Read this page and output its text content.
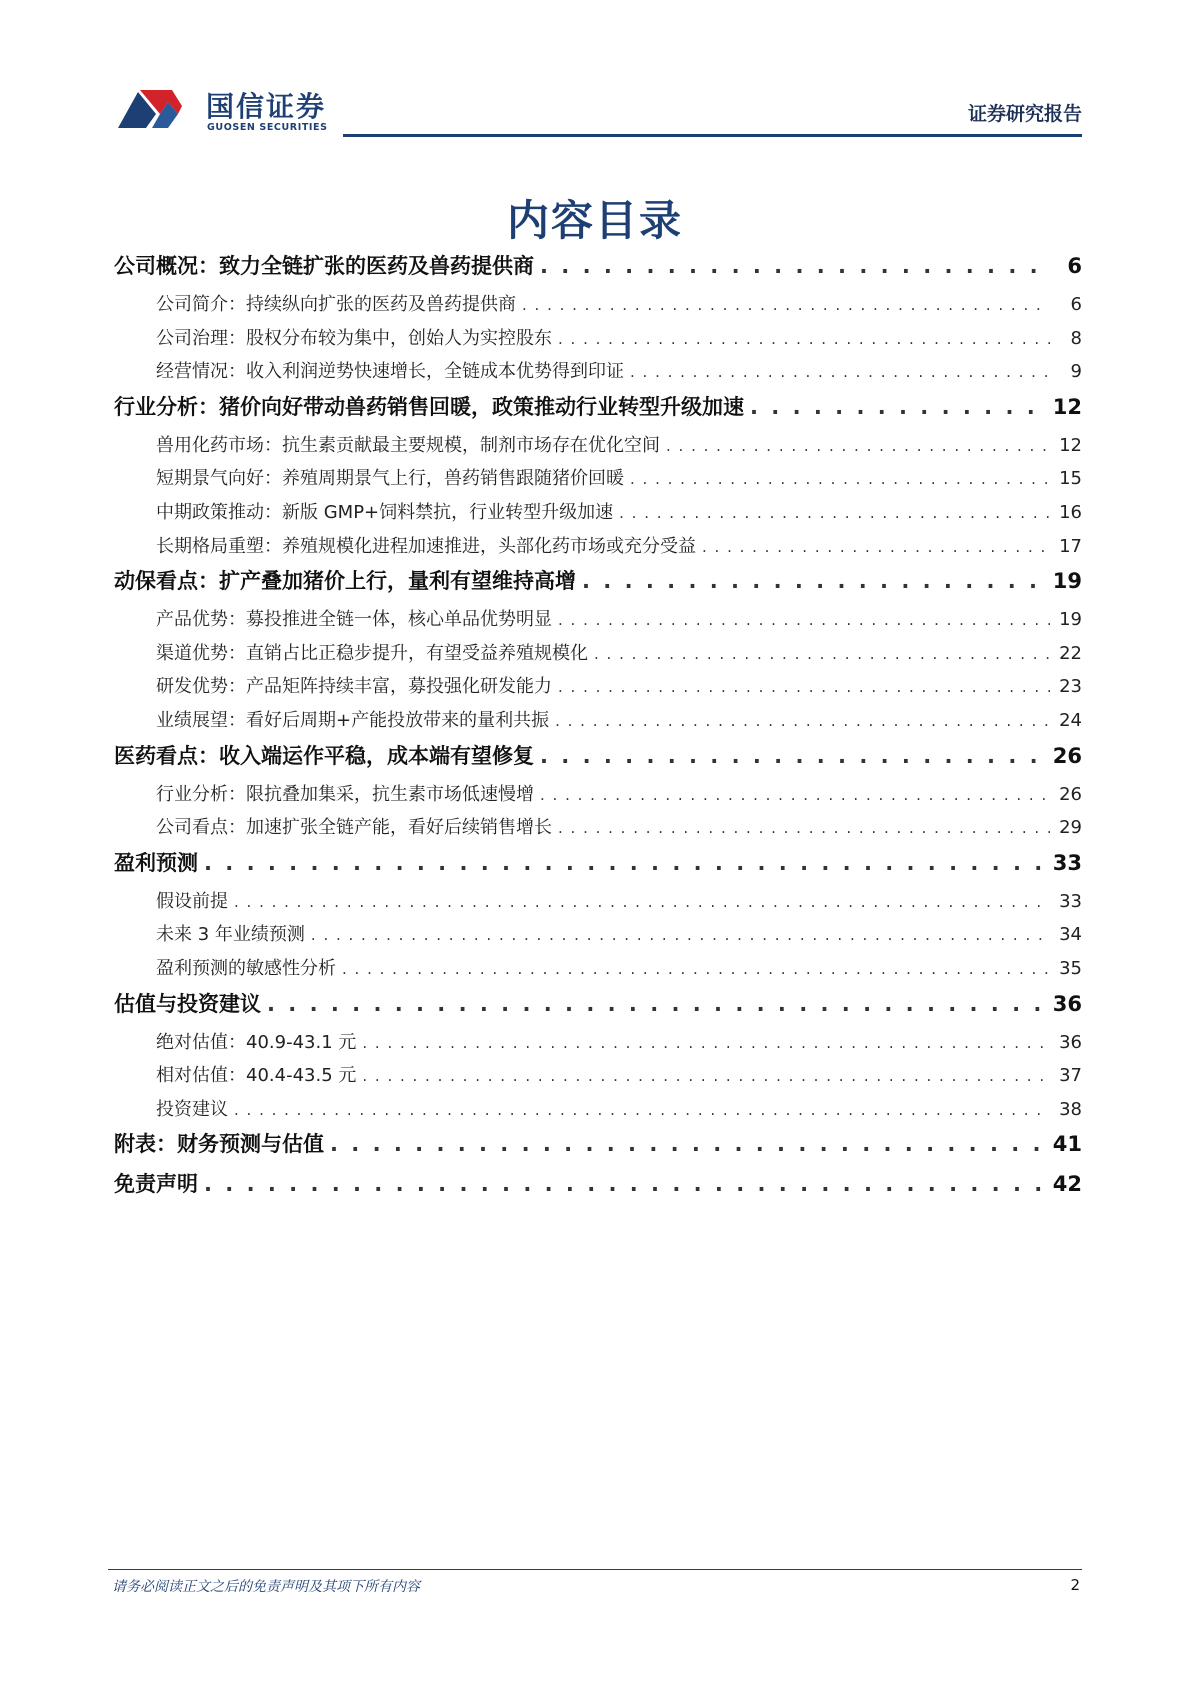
国信证券
GUOSEN SECURITIES
证券研究报告
内容目录
公司概况：致力全链扩张的医药及兽药提供商 . . .	6
公司简介：持续纵向扩张的医药及兽药提供商 . . .	6
公司治理：股权分布较为集中，创始人为实控股东 . . .	8
经营情况：收入利润逆势快速增长，全链成本优势得到印证 . . .	9
行业分析：猪价向好带动兽药销售回暖，政策推动行业转型升级加速 . . .	12
兽用化药市场：抗生素贡献最主要规模，制剂市场存在优化空间 . . .	12
短期景气向好：养殖周期景气上行，兽药销售跟随猪价回暖 . . .	15
中期政策推动：新版 GMP+饲料禁抗，行业转型升级加速 . . .	16
长期格局重塑：养殖规模化进程加速推进，头部化药市场或充分受益 . . .	17
动保看点：扩产叠加猪价上行，量利有望维持高增 . . .	19
产品优势：募投推进全链一体，核心单品优势明显 . . .	19
渠道优势：直销占比正稳步提升，有望受益养殖规模化 . . .	22
研发优势：产品矩阵持续丰富，募投强化研发能力 . . .	23
业绩展望：看好后周期+产能投放带来的量利共振 . . .	24
医药看点：收入端运作平稳，成本端有望修复 . . .	26
行业分析：限抗叠加集采，抗生素市场低速慢增 . . .	26
公司看点：加速扩张全链产能，看好后续销售增长 . . .	29
盈利预测 . . .	33
假设前提 . . .	33
未来 3 年业绩预测 . . .	34
盈利预测的敏感性分析 . . .	35
估值与投资建议 . . .	36
绝对估值：40.9-43.1 元 . . .	36
相对估值：40.4-43.5 元 . . .	37
投资建议 . . .	38
附表：财务预测与估值 . . .	41
免责声明 . . .	42
请务必阅读正文之后的免责声明及其项下所有内容	2
